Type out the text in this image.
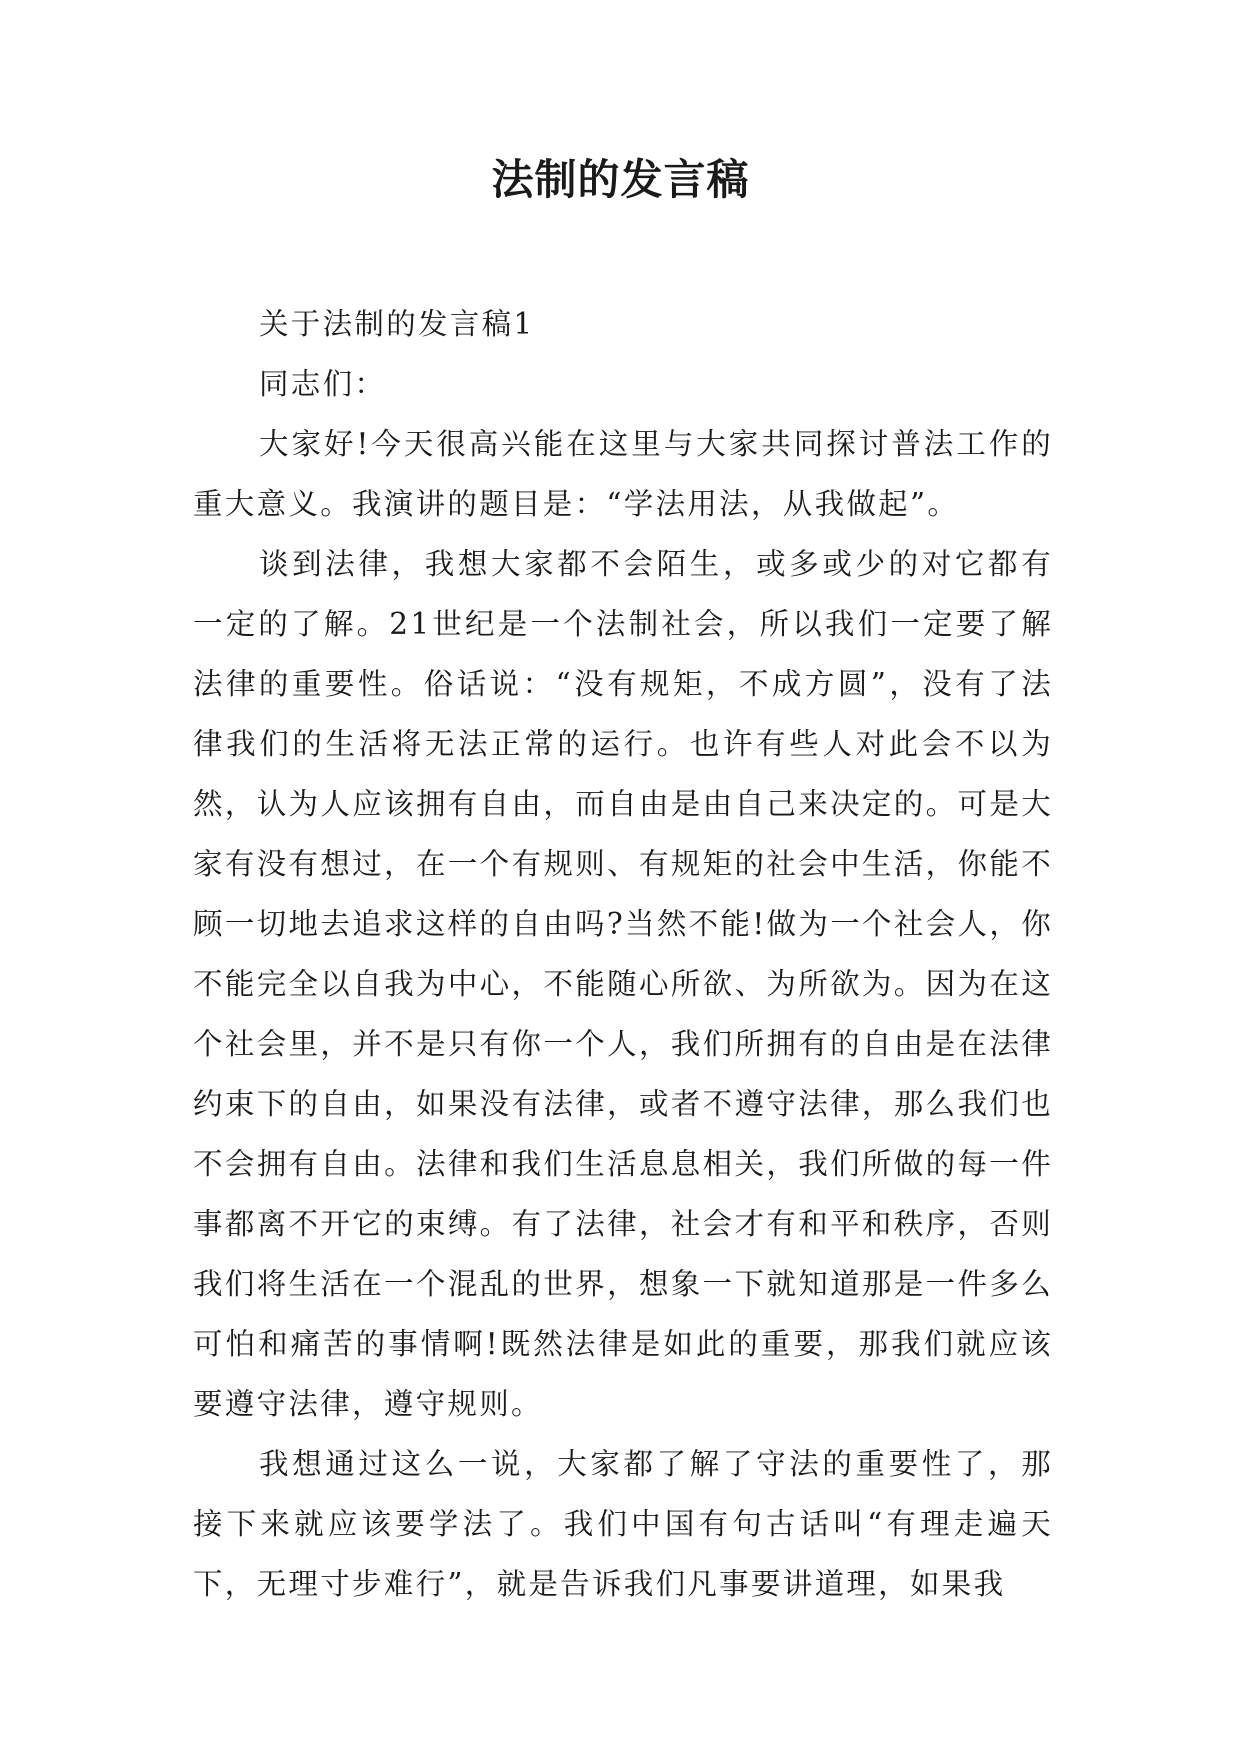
法制的发言稿

关于法制的发言稿1

同志们：

大家好!今天很高兴能在这里与大家共同探讨普法工作的重大意义。我演讲的题目是：“学法用法，从我做起”。

谈到法律，我想大家都不会陌生，或多或少的对它都有一定的了解。21世纪是一个法制社会，所以我们一定要了解法律的重要性。俗话说：“没有规矩，不成方圆”，没有了法律我们的生活将无法正常的运行。也许有些人对此会不以为然，认为人应该拥有自由，而自由是由自己来决定的。可是大家有没有想过，在一个有规则、有规矩的社会中生活，你能不顾一切地去追求这样的自由吗?当然不能!做为一个社会人，你不能完全以自我为中心，不能随心所欲、为所欲为。因为在这个社会里，并不是只有你一个人，我们所拥有的自由是在法律约束下的自由，如果没有法律，或者不遵守法律，那么我们也不会拥有自由。法律和我们生活息息相关，我们所做的每一件事都离不开它的束缚。有了法律，社会才有和平和秩序，否则我们将生活在一个混乱的世界，想象一下就知道那是一件多么可怕和痛苦的事情啊!既然法律是如此的重要，那我们就应该要遵守法律，遵守规则。

我想通过这么一说，大家都了解了守法的重要性了，那接下来就应该要学法了。我们中国有句古话叫“有理走遍天下，无理寸步难行”，就是告诉我们凡事要讲道理，如果我
